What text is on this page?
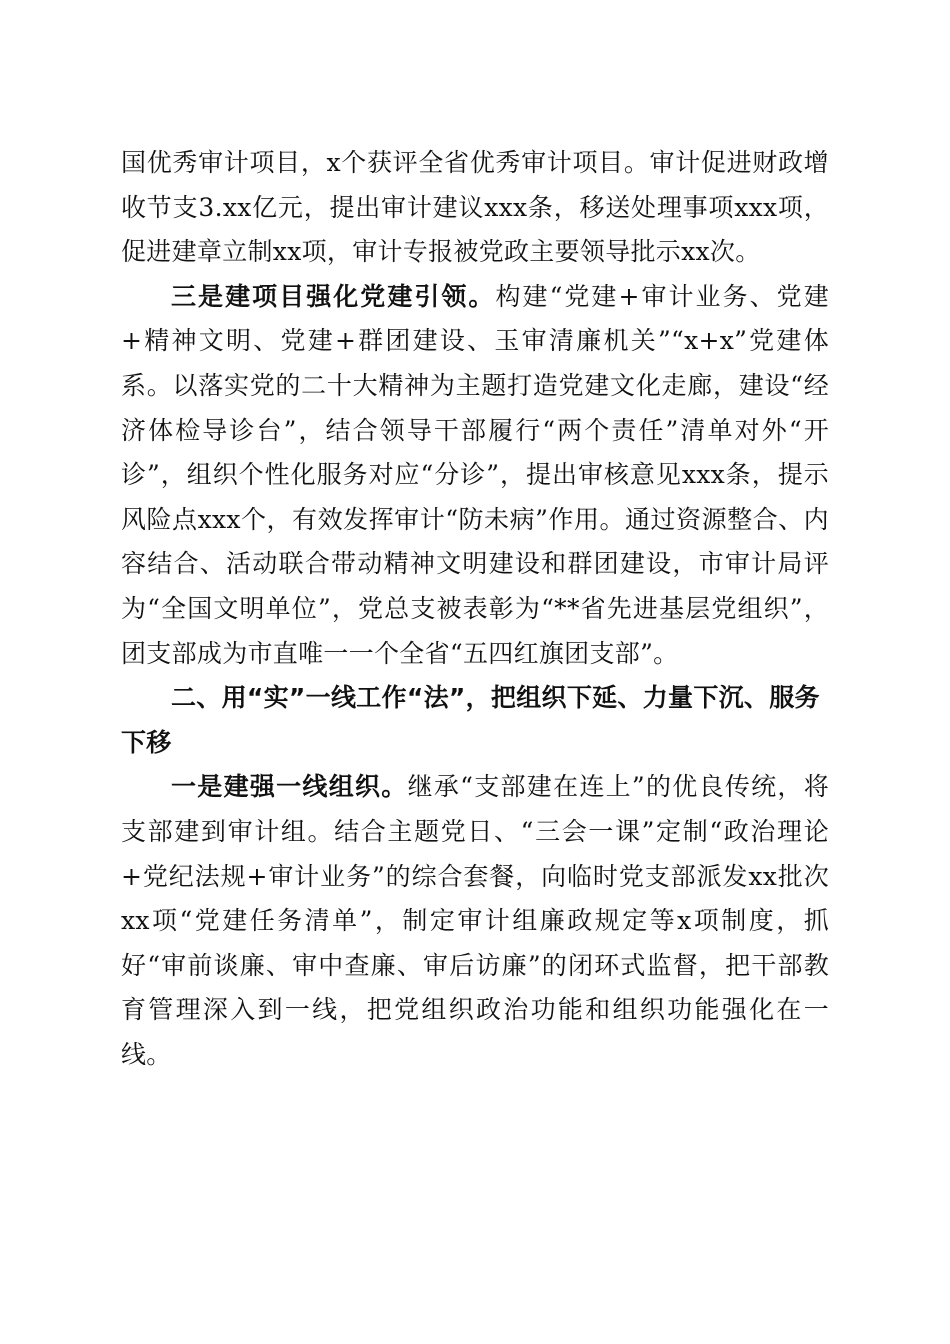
国优秀审计项目，x个获评全省优秀审计项目。审计促进财政增收节支3.xx亿元，提出审计建议xxx条，移送处理事项xxx项，促进建章立制xx项，审计专报被党政主要领导批示xx次。

三是建项目强化党建引领。构建“党建+审计业务、党建+精神文明、党建+群团建设、玉审清廉机关”“x+x”党建体系。以落实党的二十大精神为主题打造党建文化走廊，建设“经济体检导诊台”，结合领导干部履行“两个责任”清单对外“开诊”，组织个性化服务对应“分诊”，提出审核意见xxx条，提示风险点xxx个，有效发挥审计“防未病”作用。通过资源整合、内容结合、活动联合带动精神文明建设和群团建设，市审计局评为“全国文明单位”，党总支被表彰为“**省先进基层党组织”，团支部成为市直唯一一个全省“五四红旗团支部”。

二、用“实”一线工作“法”，把组织下延、力量下沉、服务下移

一是建强一线组织。继承“支部建在连上”的优良传统，将支部建到审计组。结合主题党日、“三会一课”定制“政治理论+党纪法规+审计业务”的综合套餐，向临时党支部派发xx批次xx项“党建任务清单”，制定审计组廉政规定等x项制度，抓好“审前谈廉、审中查廉、审后访廉”的闭环式监督，把干部教育管理深入到一线，把党组织政治功能和组织功能强化在一线。
